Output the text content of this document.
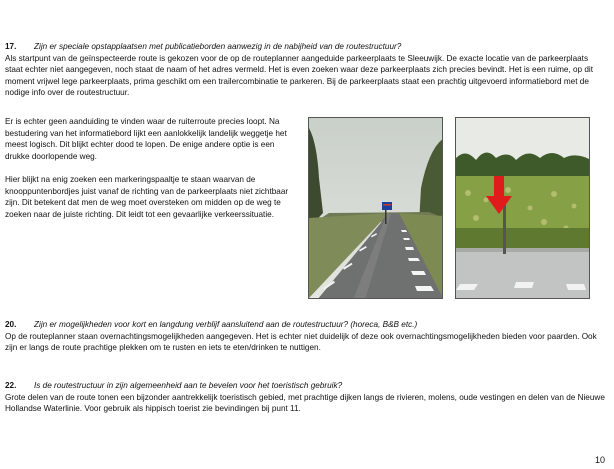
17. Zijn er speciale opstapplaatsen met publicatieborden aanwezig in de nabijheid van de routestructuur?

Als startpunt van de geïnspecteerde route is gekozen voor de op de routeplanner aangeduide parkeerplaats te Sleeuwijk. De exacte locatie van de parkeerplaats staat echter niet aangegeven, noch staat de naam of het adres vermeld. Het is even zoeken waar deze parkeerplaats zich precies bevindt. Het is een ruime, op dit moment vrijwel lege parkeerplaats, prima geschikt om een trailercombinatie te parkeren. Bij de parkeerplaats staat een prachtig uitgevoerd informatiebord met de nodige info over de routestructuur.

Er is echter geen aanduiding te vinden waar de ruiterroute precies loopt. Na bestudering van het informatiebord lijkt een aanlokkelijk landelijk weggetje het meest logisch. Dit blijkt echter dood te lopen. De enige andere optie is een drukke doorlopende weg.

Hier blijkt na enig zoeken een markeringspaaltje te staan waarvan de knooppuntenbordjes juist vanaf de richting van de parkeerplaats niet zichtbaar zijn. Dit betekent dat men de weg moet oversteken om midden op de weg te zoeken naar de juiste richting. Dit leidt tot een gevaarlijke verkeerssituatie.

20. Zijn er mogelijkheden voor kort en langdung verblijf aansluitend aan de routestructuur? (horeca, B&B etc.)

Op de routeplanner staan overnachtingsmogelijkheden aangegeven. Het is echter niet duidelijk of deze ook overnachtingsmogelijkheden bieden voor paarden. Ook zijn er langs de route prachtige plekken om te rusten en iets te eten/drinken te nuttigen.

22. Is de routestructuur in zijn algemeenheid aan te bevelen voor het toeristisch gebruik?

Grote delen van de route tonen een bijzonder aantrekkelijk toeristisch gebied, met prachtige dijken langs de rivieren, molens, oude vestingen en delen van de Nieuwe Hollandse Waterlinie. Voor gebruik als hippisch toerist zie bevindingen bij punt 11.

10
